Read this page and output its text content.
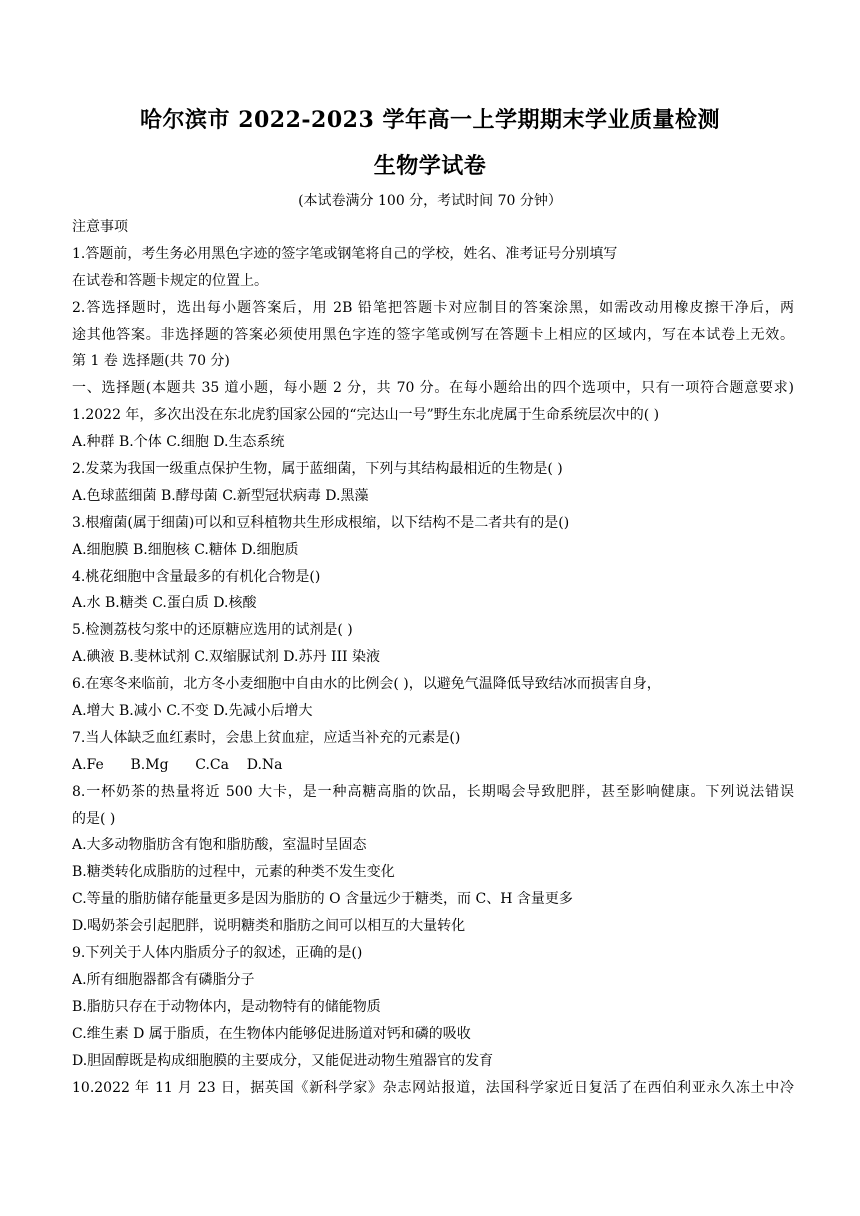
哈尔滨市 2022-2023 学年高一上学期期末学业质量检测
生物学试卷
(本试卷满分 100 分，考试时间 70 分钟）
注意事项
1.答题前，考生务必用黑色字迹的签字笔或钢笔将自己的学校，姓名、准考证号分别填写
在试卷和答题卡规定的位置上。
2.答选择题时，选出每小题答案后，用 2B 铅笔把答题卡对应制目的答案涂黑，如需改动用橡皮擦干净后，两
途其他答案。非选择题的答案必须使用黑色字连的签字笔或例写在答题卡上相应的区域内，写在本试卷上无效。
第 1 卷 选择题(共 70 分)
一、选择题(本题共 35 道小题，每小题 2 分，共 70 分。在每小题给出的四个选项中，只有一项符合题意要求)
1.2022 年，多次出没在东北虎豹国家公园的“完达山一号”野生东北虎属于生命系统层次中的( )
A.种群 B.个体 C.细胞 D.生态系统
2.发菜为我国一级重点保护生物，属于蓝细菌，下列与其结构最相近的生物是( )
A.色球蓝细菌 B.酵母菌 C.新型冠状病毒 D.黑藻
3.根瘤菌(属于细菌)可以和豆科植物共生形成根缩，以下结构不是二者共有的是()
A.细胞膜 B.细胞核 C.糖体 D.细胞质
4.桃花细胞中含量最多的有机化合物是()
A.水 B.糖类 C.蛋白质 D.核酸
5.检测荔枝匀浆中的还原糖应选用的试剂是( )
A.碘液 B.斐林试剂 C.双缩脲试剂 D.苏丹 III 染液
6.在寒冬来临前，北方冬小麦细胞中自由水的比例会( )，以避免气温降低导致结冰而损害自身，
A.增大 B.减小 C.不变 D.先减小后增大
7.当人体缺乏血红素时，会患上贫血症，应适当补充的元素是()
A.Fe      B.Mg      C.Ca    D.Na
8.一杯奶茶的热量将近 500 大卡，是一种高糖高脂的饮品，长期喝会导致肥胖，甚至影响健康。下列说法错误
的是( )
A.大多动物脂肪含有饱和脂肪酸，室温时呈固态
B.糖类转化成脂肪的过程中，元素的种类不发生变化
C.等量的脂肪储存能量更多是因为脂肪的 O 含量远少于糖类，而 C、H 含量更多
D.喝奶茶会引起肥胖，说明糖类和脂肪之间可以相互的大量转化
9.下列关于人体内脂质分子的叙述，正确的是()
A.所有细胞器都含有磷脂分子
B.脂肪只存在于动物体内，是动物特有的储能物质
C.维生素 D 属于脂质，在生物体内能够促进肠道对钙和磷的吸收
D.胆固醇既是构成细胞膜的主要成分，又能促进动物生殖器官的发育
10.2022 年 11 月 23 日，据英国《新科学家》杂志网站报道，法国科学家近日复活了在西伯利亚永久冻土中冷
